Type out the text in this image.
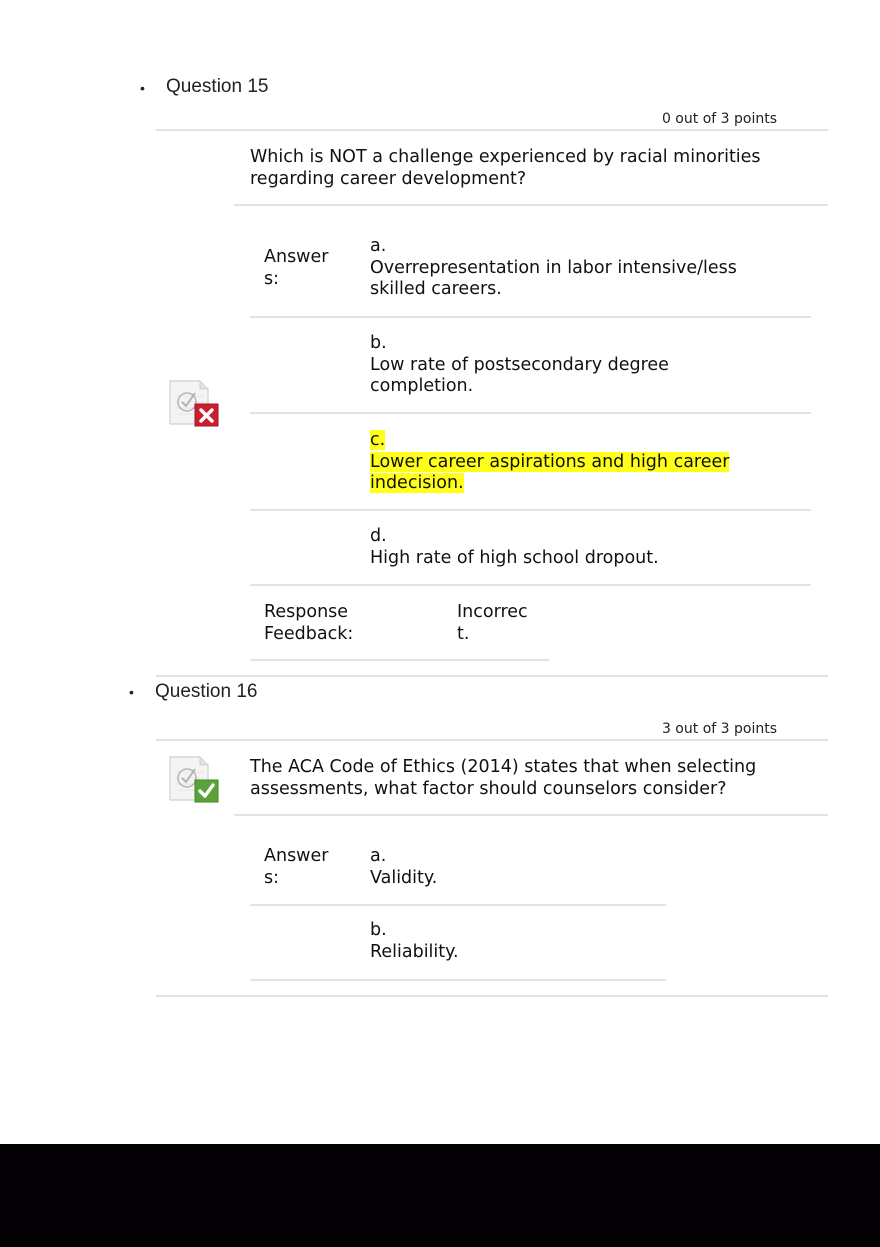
• Question 15
0 out of 3 points
Which is NOT a challenge experienced by racial minorities
regarding career development?
Answer
s:
a.
Overrepresentation in labor intensive/less
skilled careers.
b.
Low rate of postsecondary degree
completion.
c.
Lower career aspirations and high career
indecision.
d.
High rate of high school dropout.
Response
Feedback:
Incorrec
t.
• Question 16
3 out of 3 points
The ACA Code of Ethics (2014) states that when selecting
assessments, what factor should counselors consider?
Answer
s:
a.
Validity.
b.
Reliability.
